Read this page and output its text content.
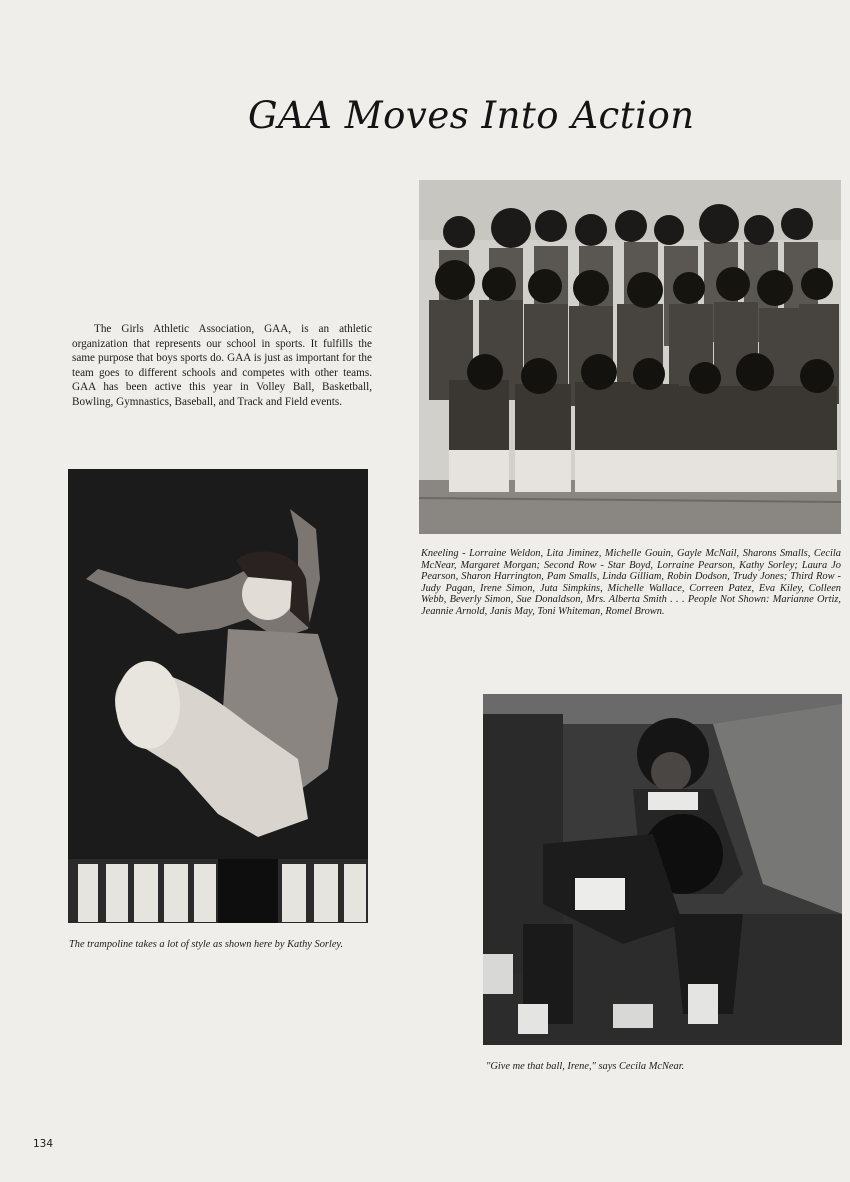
GAA Moves Into Action
The Girls Athletic Association, GAA, is an athletic organization that represents our school in sports. It fulfills the same purpose that boys sports do. GAA is just as important for the team goes to different schools and competes with other teams. GAA has been active this year in Volley Ball, Basketball, Bowling, Gymnastics, Baseball, and Track and Field events.
Kneeling - Lorraine Weldon, Lita Jiminez, Michelle Gouin, Gayle McNail, Sharons Smalls, Cecila McNear, Margaret Morgan; Second Row - Star Boyd, Lorraine Pearson, Kathy Sorley; Laura Jo Pearson, Sharon Harrington, Pam Smalls, Linda Gilliam, Robin Dodson, Trudy Jones; Third Row - Judy Pagan, Irene Simon, Juta Simpkins, Michelle Wallace, Correen Patez, Eva Kiley, Colleen Webb, Beverly Simon, Sue Donaldson, Mrs. Alberta Smith . . . People Not Shown: Marianne Ortiz, Jeannie Arnold, Janis May, Toni Whiteman, Romel Brown.
The trampoline takes a lot of style as shown here by Kathy Sorley.
"Give me that ball, Irene," says Cecila McNear.
134
